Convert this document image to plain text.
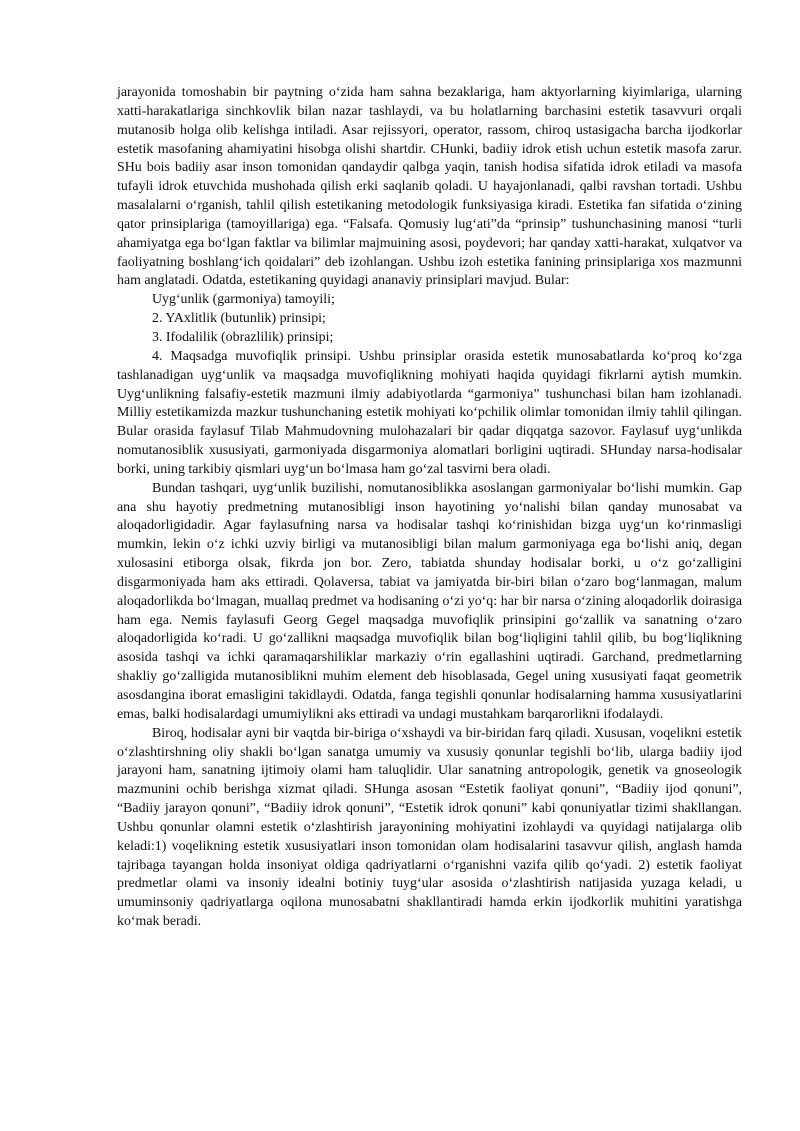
jarayonida tomoshabin bir paytning o‘zida ham sahna bezaklariga, ham aktyorlarning kiyimlariga, ularning xatti-harakatlariga sinchkovlik bilan nazar tashlaydi, va bu holatlarning barchasini estetik tasavvuri orqali mutanosib holga olib kelishga intiladi. Asar rejissyori, operator, rassom, chiroq ustasigacha barcha ijodkorlar estetik masofaning ahamiyatini hisobga olishi shartdir. CHunki, badiiy idrok etish uchun estetik masofa zarur. SHu bois badiiy asar inson tomonidan qandaydir qalbga yaqin, tanish hodisa sifatida idrok etiladi va masofa tufayli idrok etuvchida mushohada qilish erki saqlanib qoladi. U hayajonlanadi, qalbi ravshan tortadi. Ushbu masalalarni o‘rganish, tahlil qilish estetikaning metodologik funksiyasiga kiradi. Estetika fan sifatida o‘zining qator prinsiplariga (tamoyillariga) ega. “Falsafa. Qomusiy lug‘ati”da “prinsip” tushunchasining manosi “turli ahamiyatga ega bo‘lgan faktlar va bilimlar majmuining asosi, poydevori; har qanday xatti-harakat, xulqatvor va faoliyatning boshlang‘ich qoidalari” deb izohlangan. Ushbu izoh estetika fanining prinsiplariga xos mazmunni ham anglatadi. Odatda, estetikaning quyidagi ananaviy prinsiplari mavjud. Bular:

Uyg‘unlik (garmoniya) tamoyili;

2. YAxlitlik (butunlik) prinsipi;

3. Ifodalilik (obrazlilik) prinsipi;

4. Maqsadga muvofiqlik prinsipi. Ushbu prinsiplar orasida estetik munosabatlarda ko‘proq ko‘zga tashlanadigan uyg‘unlik va maqsadga muvofiqlikning mohiyati haqida quyidagi fikrlarni aytish mumkin. Uyg‘unlikning falsafiy-estetik mazmuni ilmiy adabiyotlarda “garmoniya” tushunchasi bilan ham izohlanadi. Milliy estetikamizda mazkur tushunchaning estetik mohiyati ko‘pchilik olimlar tomonidan ilmiy tahlil qilingan. Bular orasida faylasuf Tilab Mahmudovning mulohazalari bir qadar diqqatga sazovor. Faylasuf uyg‘unlikda nomutanosiblik xususiyati, garmoniyada disgarmoniya alomatlari borligini uqtiradi. SHunday narsa-hodisalar borki, uning tarkibiy qismlari uyg‘un bo‘lmasa ham go‘zal tasvirni bera oladi.

Bundan tashqari, uyg‘unlik buzilishi, nomutanosiblikka asoslangan garmoniyalar bo‘lishi mumkin. Gap ana shu hayotiy predmetning mutanosibligi inson hayotining yo‘nalishi bilan qanday munosabat va aloqadorligidadir. Agar faylasufning narsa va hodisalar tashqi ko‘rinishidan bizga uyg‘un ko‘rinmasligi mumkin, lekin o‘z ichki uzviy birligi va mutanosibligi bilan malum garmoniyaga ega bo‘lishi aniq, degan xulosasini etiborga olsak, fikrda jon bor. Zero, tabiatda shunday hodisalar borki, u o‘z go‘zalligini disgarmoniyada ham aks ettiradi. Qolaversa, tabiat va jamiyatda bir-biri bilan o‘zaro bog‘lanmagan, malum aloqadorlikda bo‘lmagan, muallaq predmet va hodisaning o‘zi yo‘q: har bir narsa o‘zining aloqadorlik doirasiga ham ega. Nemis faylasufi Georg Gegel maqsadga muvofiqlik prinsipini go‘zallik va sanatning o‘zaro aloqadorligida ko‘radi. U go‘zallikni maqsadga muvofiqlik bilan bog‘liqligini tahlil qilib, bu bog‘liqlikning asosida tashqi va ichki qaramaqarshiliklar markaziy o‘rin egallashini uqtiradi. Garchand, predmetlarning shakliy go‘zalligida mutanosiblikni muhim element deb hisoblasada, Gegel uning xususiyati faqat geometrik asosdangina iborat emasligini takidlaydi. Odatda, fanga tegishli qonunlar hodisalarning hamma xususiyatlarini emas, balki hodisalardagi umumiylikni aks ettiradi va undagi mustahkam barqarorlikni ifodalaydi.

Biroq, hodisalar ayni bir vaqtda bir-biriga o‘xshaydi va bir-biridan farq qiladi. Xususan, voqelikni estetik o‘zlashtirshning oliy shakli bo‘lgan sanatga umumiy va xususiy qonunlar tegishli bo‘lib, ularga badiiy ijod jarayoni ham, sanatning ijtimoiy olami ham taluqlidir. Ular sanatning antropologik, genetik va gnoseologik mazmunini ochib berishga xizmat qiladi. SHunga asosan “Estetik faoliyat qonuni”, “Badiiy ijod qonuni”, “Badiiy jarayon qonuni”, “Badiiy idrok qonuni”, “Estetik idrok qonuni” kabi qonuniyatlar tizimi shakllangan. Ushbu qonunlar olamni estetik o‘zlashtirish jarayonining mohiyatini izohlaydi va quyidagi natijalarga olib keladi:1) voqelikning estetik xususiyatlari inson tomonidan olam hodisalarini tasavvur qilish, anglash hamda tajribaga tayangan holda insoniyat oldiga qadriyatlarni o‘rganishni vazifa qilib qo‘yadi. 2) estetik faoliyat predmetlar olami va insoniy idealni botiniy tuyg‘ular asosida o‘zlashtirish natijasida yuzaga keladi, u umuminsoniy qadriyatlarga oqilona munosabatni shakllantiradi hamda erkin ijodkorlik muhitini yaratishga ko‘mak beradi.
